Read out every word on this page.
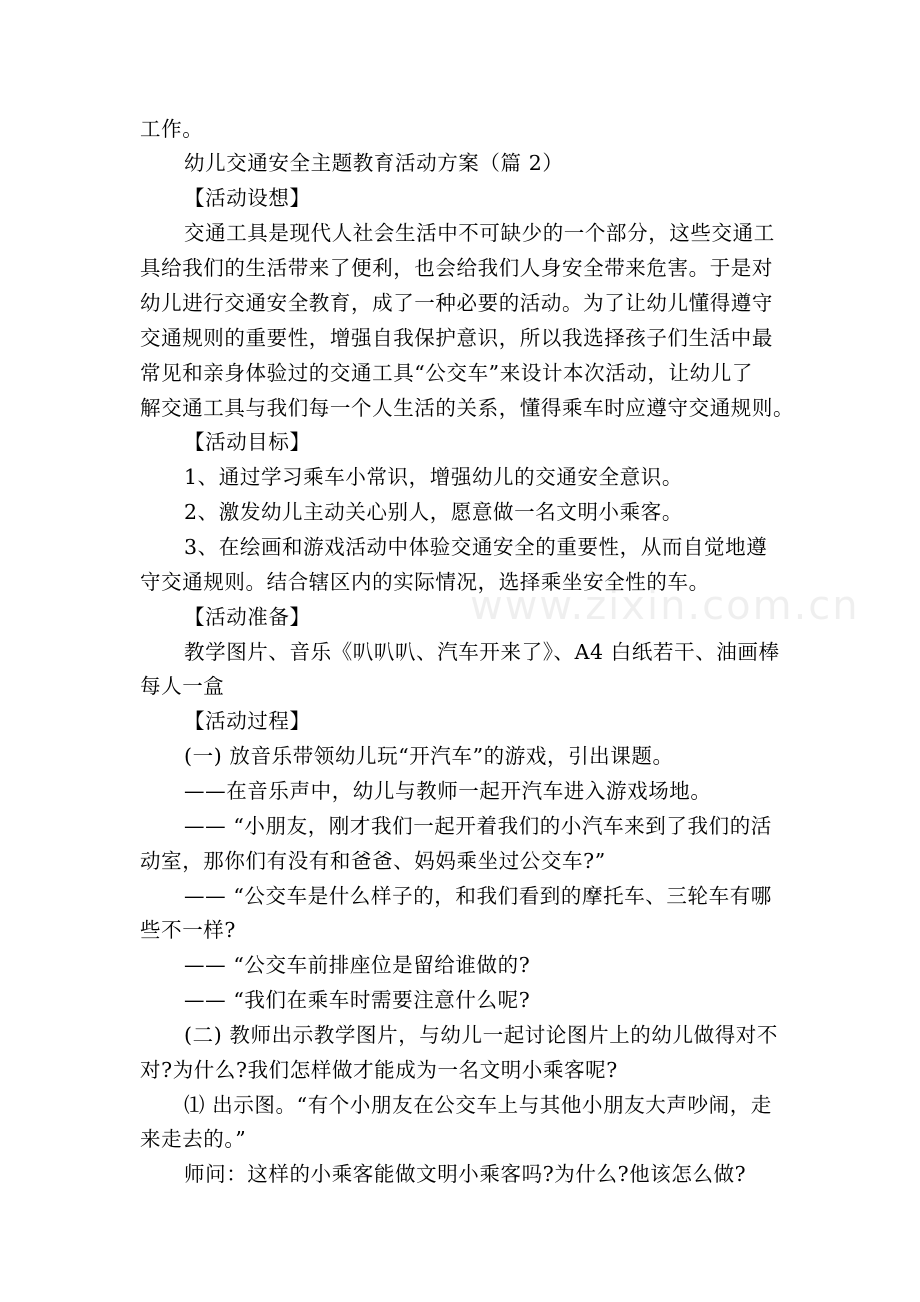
工作。
幼儿交通安全主题教育活动方案（篇 2）
【活动设想】
交通工具是现代人社会生活中不可缺少的一个部分，这些交通工
具给我们的生活带来了便利，也会给我们人身安全带来危害。于是对
幼儿进行交通安全教育，成了一种必要的活动。为了让幼儿懂得遵守
交通规则的重要性，增强自我保护意识，所以我选择孩子们生活中最
常见和亲身体验过的交通工具“公交车”来设计本次活动，让幼儿了
解交通工具与我们每一个人生活的关系，懂得乘车时应遵守交通规则。
【活动目标】
1、通过学习乘车小常识，增强幼儿的交通安全意识。
2、激发幼儿主动关心别人，愿意做一名文明小乘客。
3、在绘画和游戏活动中体验交通安全的重要性，从而自觉地遵
守交通规则。结合辖区内的实际情况，选择乘坐安全性的车。
【活动准备】
教学图片、音乐《叭叭叭、汽车开来了》、A4 白纸若干、油画棒
每人一盒
【活动过程】
(一) 放音乐带领幼儿玩“开汽车”的游戏，引出课题。
——在音乐声中，幼儿与教师一起开汽车进入游戏场地。
—— “小朋友，刚才我们一起开着我们的小汽车来到了我们的活
动室，那你们有没有和爸爸、妈妈乘坐过公交车?”
—— “公交车是什么样子的，和我们看到的摩托车、三轮车有哪
些不一样?
—— “公交车前排座位是留给谁做的?
—— “我们在乘车时需要注意什么呢?
(二) 教师出示教学图片，与幼儿一起讨论图片上的幼儿做得对不
对?为什么?我们怎样做才能成为一名文明小乘客呢?
⑴ 出示图。“有个小朋友在公交车上与其他小朋友大声吵闹，走
来走去的。”
师问：这样的小乘客能做文明小乘客吗?为什么?他该怎么做?
www.zixin.com.cn
